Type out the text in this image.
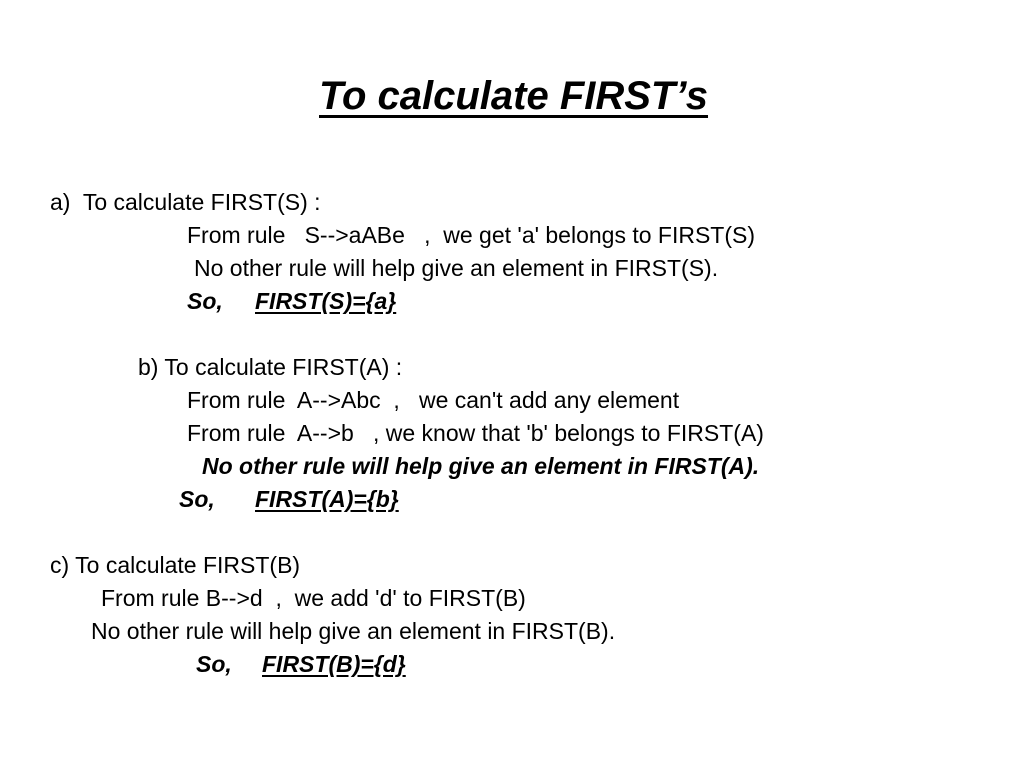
To calculate FIRST’s
a)  To calculate FIRST(S) :
From rule   S-->aABe   ,  we get 'a' belongs to FIRST(S)
No other rule will help give an element in FIRST(S).
So, FIRST(S)={a}
b) To calculate FIRST(A) :
From rule  A-->Abc  ,   we can't add any element
From rule  A-->b   , we know that 'b' belongs to FIRST(A)
No other rule will help give an element in FIRST(A).
So, FIRST(A)={b}
c) To calculate FIRST(B)
From rule B-->d  ,  we add 'd' to FIRST(B)
No other rule will help give an element in FIRST(B).
So, FIRST(B)={d}
